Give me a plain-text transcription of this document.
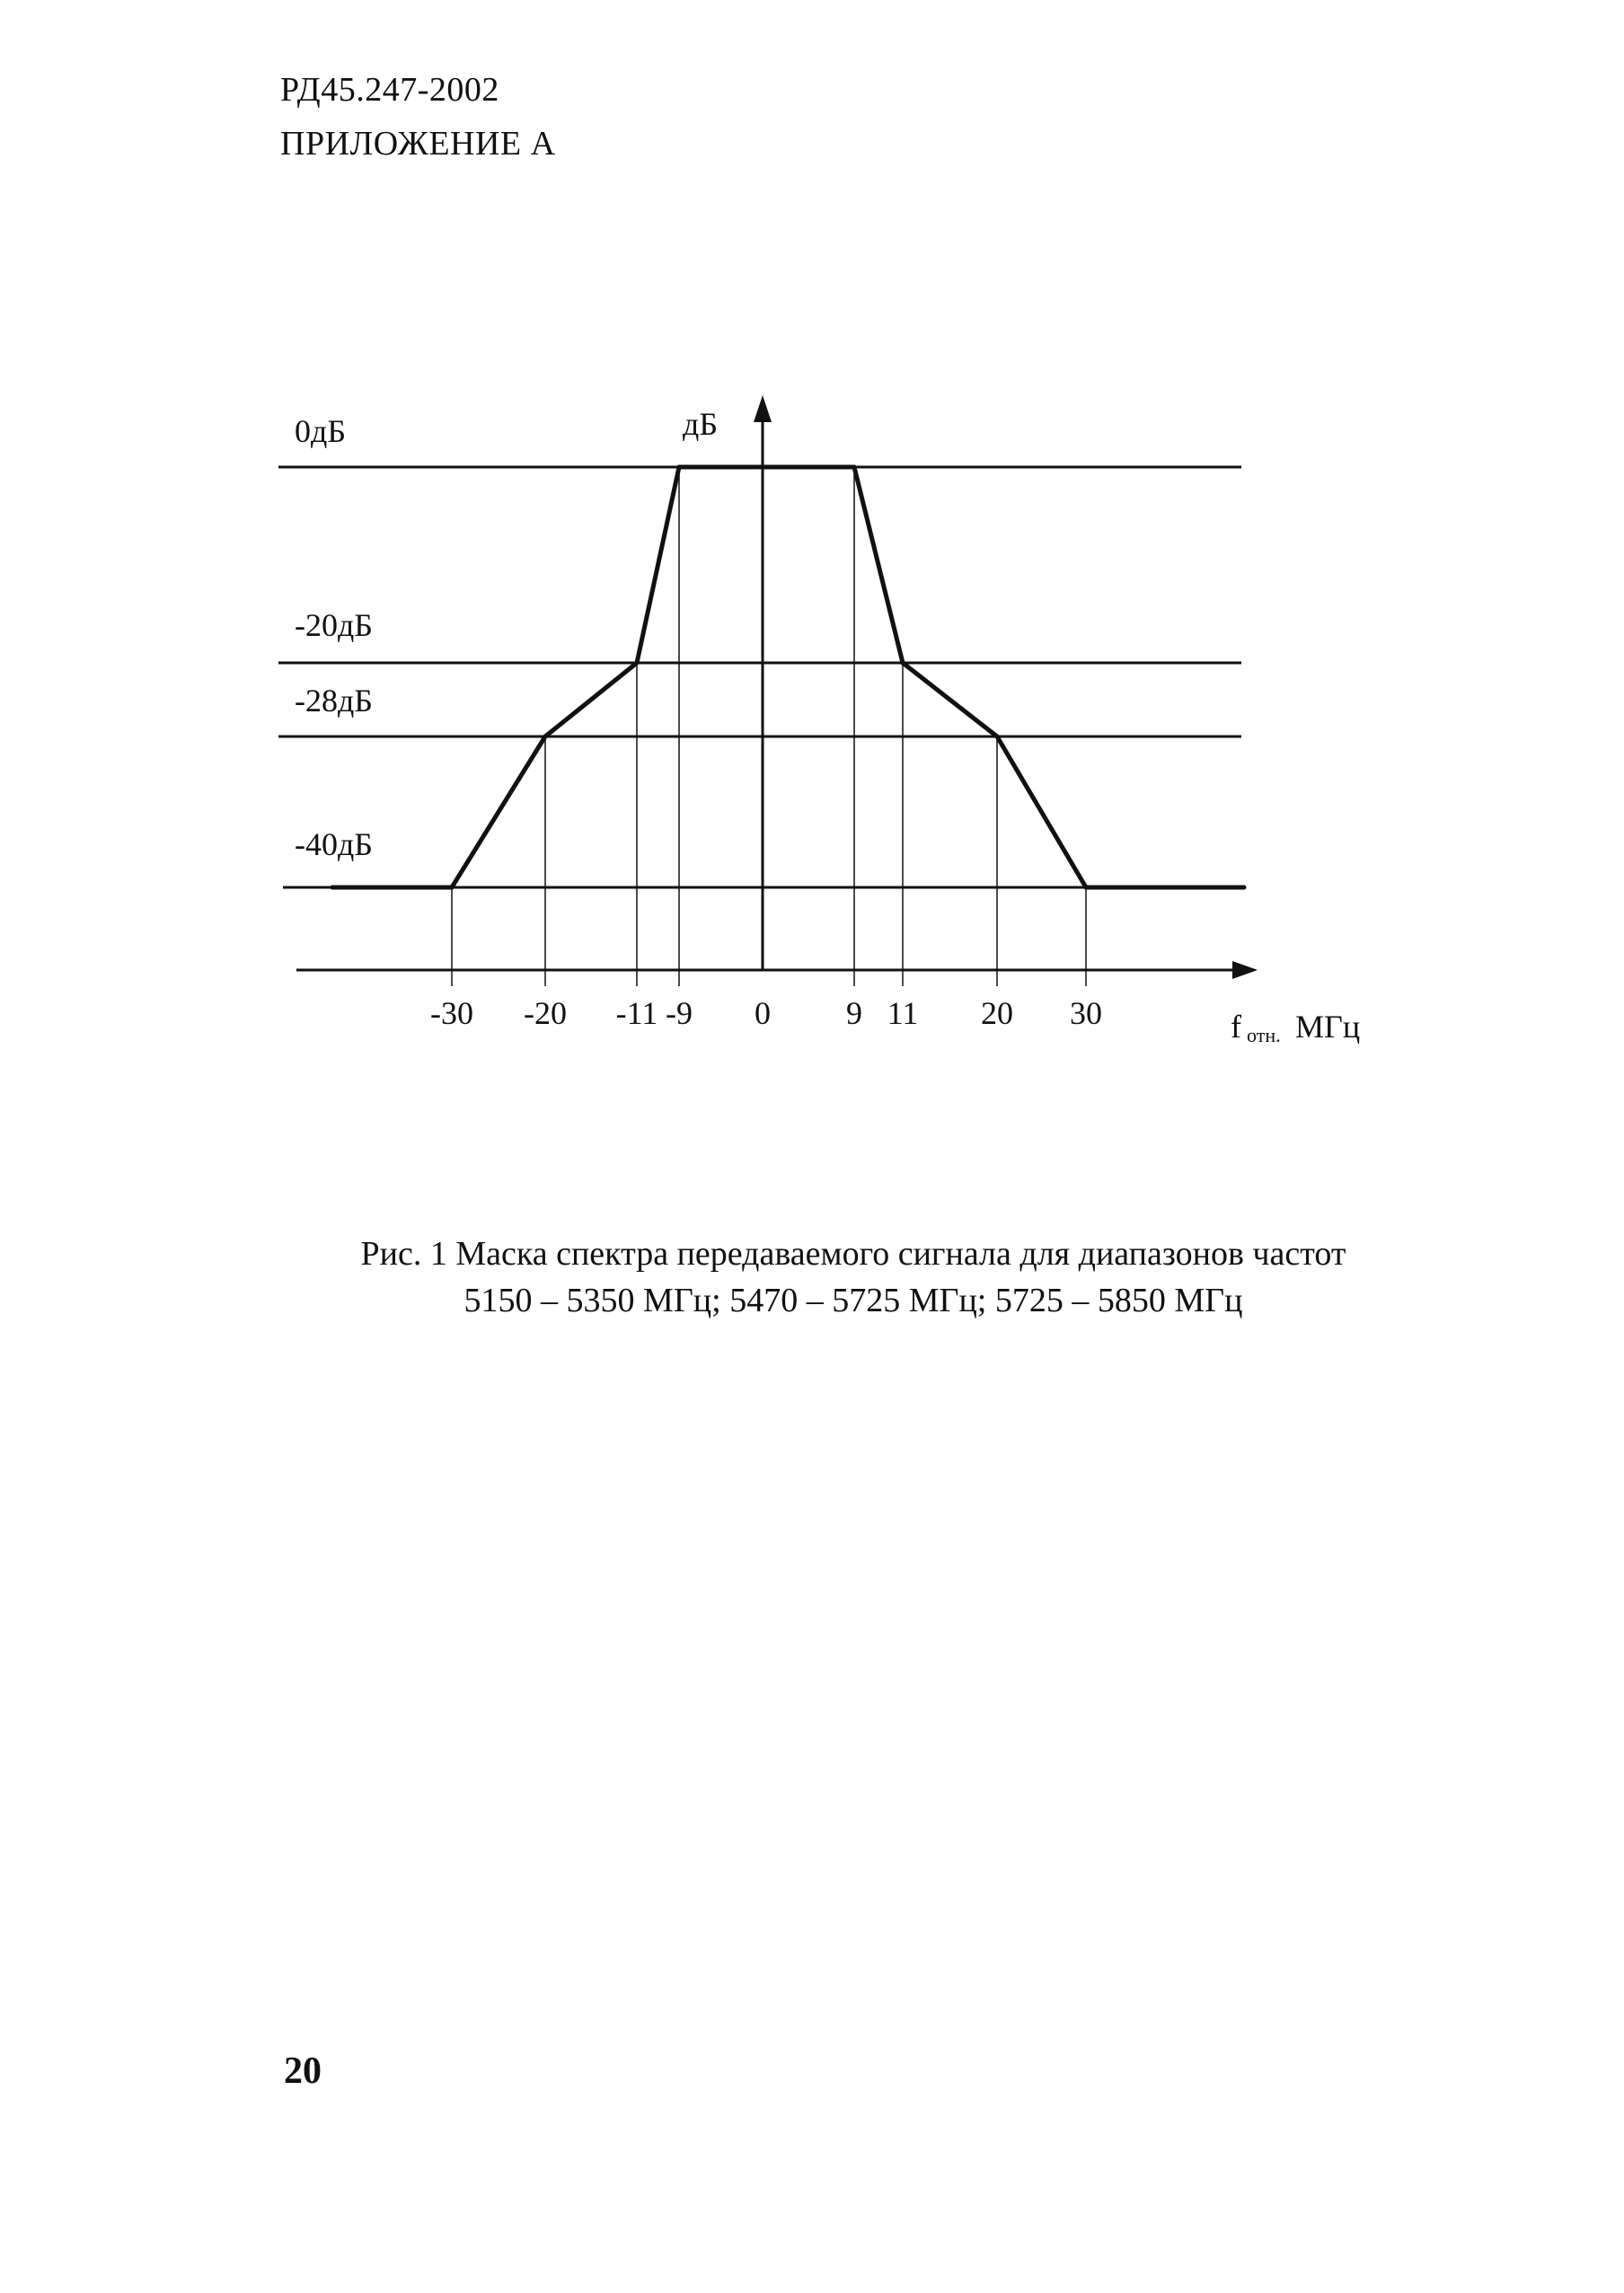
РД45.247-2002
ПРИЛОЖЕНИЕ А
0дБ
-20дБ
-28дБ
-40дБ
дБ
f отн. МГц
-30 -20 -11 -9 0 9 11 20 30
Рис. 1 Маска спектра передаваемого сигнала для диапазонов частот
5150 – 5350 МГц; 5470 – 5725 МГц; 5725 – 5850 МГц
20
